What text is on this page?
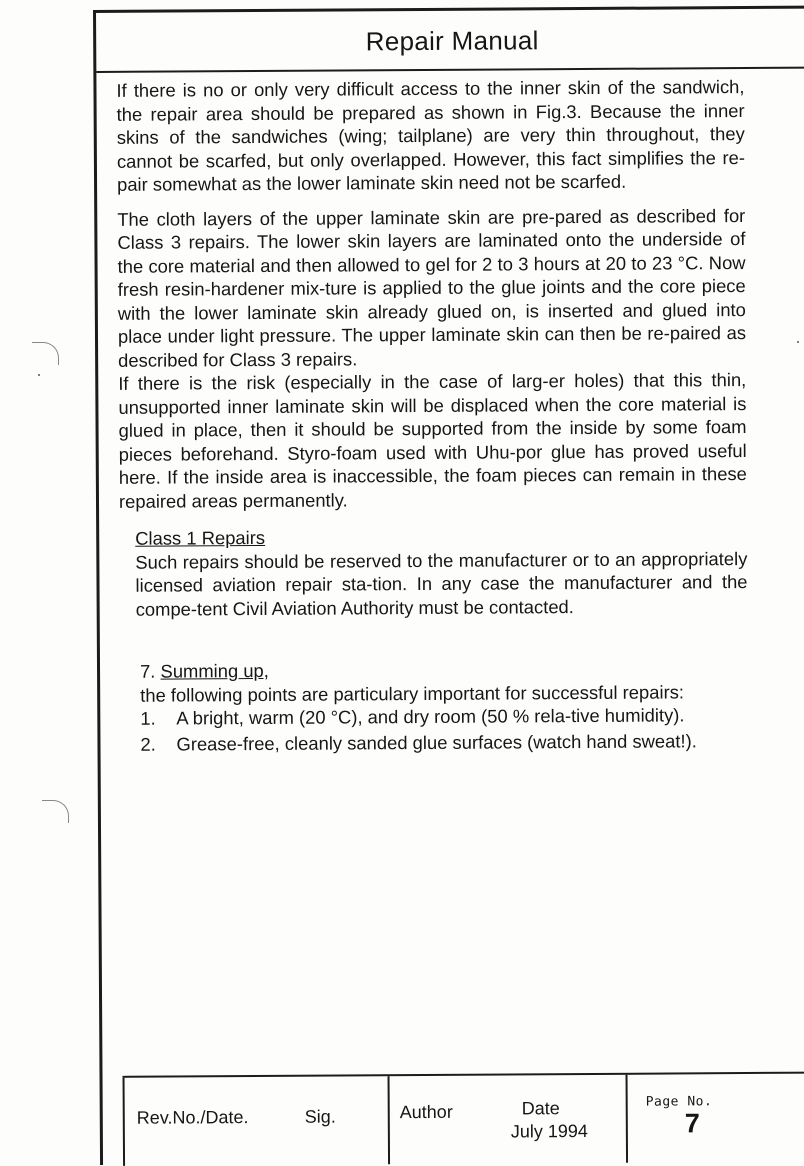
Repair Manual

If there is no or only very difficult access to the inner skin of the sandwich, the repair area should be prepared as shown in Fig.3. Because the inner skins of the sandwiches (wing; tailplane) are very thin throughout, they cannot be scarfed, but only overlapped. However, this fact simplifies the re-pair somewhat as the lower laminate skin need not be scarfed.

The cloth layers of the upper laminate skin are pre-pared as described for Class 3 repairs. The lower skin layers are laminated onto the underside of the core material and then allowed to gel for 2 to 3 hours at 20 to 23 °C. Now fresh resin-hardener mix-ture is applied to the glue joints and the core piece with the lower laminate skin already glued on, is inserted and glued into place under light pressure. The upper laminate skin can then be re-paired as described for Class 3 repairs.

If there is the risk (especially in the case of larg-er holes) that this thin, unsupported inner laminate skin will be displaced when the core material is glued in place, then it should be supported from the inside by some foam pieces beforehand. Styro-foam used with Uhu-por glue has proved useful here. If the inside area is inaccessible, the foam pieces can remain in these repaired areas permanently.

Class 1 Repairs
Such repairs should be reserved to the manufacturer or to an appropriately licensed aviation repair sta-tion. In any case the manufacturer and the compe-tent Civil Aviation Authority must be contacted.
7. Summing up,
the following points are particulary important for successful repairs:
1.	A bright, warm (20 °C), and dry room (50 % rela-tive humidity).
2.	Grease-free, cleanly sanded glue surfaces (watch hand sweat!).
Rev.No./Date.	Sig.	Author	Date
July 1994
Page No.
7
